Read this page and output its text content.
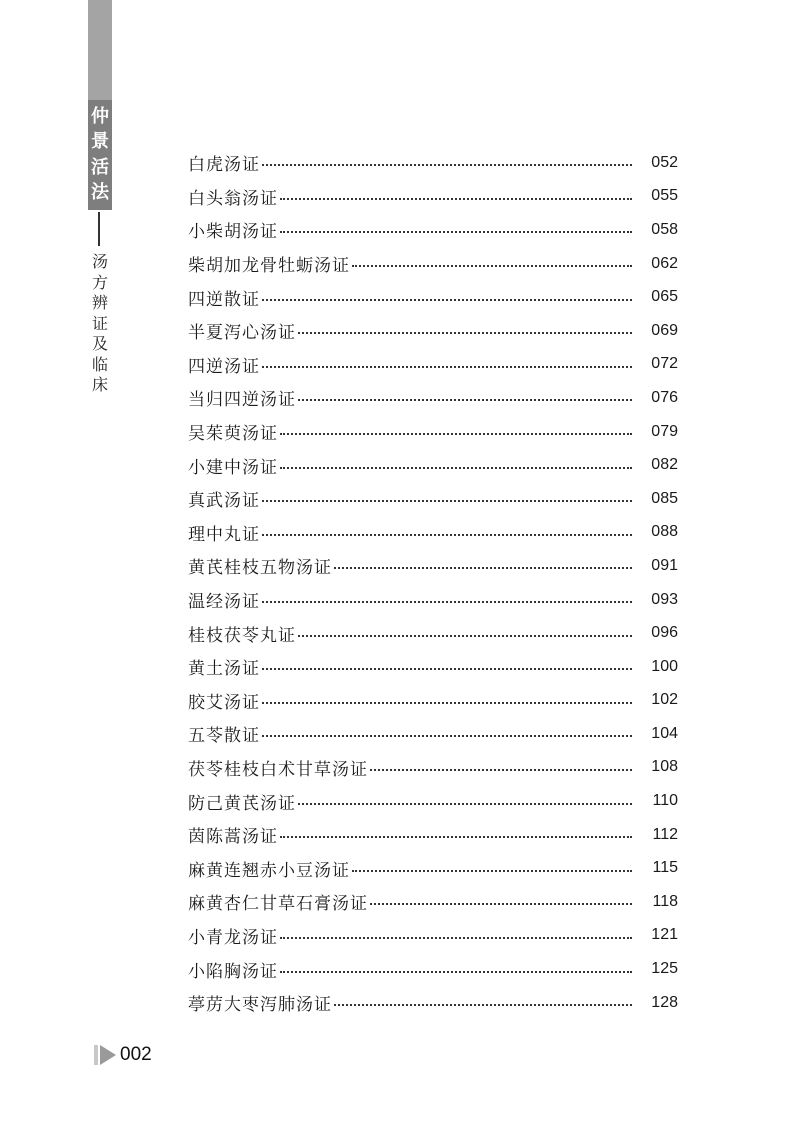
仲
景
活
法
汤
方
辨
证
及
临
床
白虎汤证	052
白头翁汤证	055
小柴胡汤证	058
柴胡加龙骨牡蛎汤证	062
四逆散证	065
半夏泻心汤证	069
四逆汤证	072
当归四逆汤证	076
吴茱萸汤证	079
小建中汤证	082
真武汤证	085
理中丸证	088
黄芪桂枝五物汤证	091
温经汤证	093
桂枝茯苓丸证	096
黄土汤证	100
胶艾汤证	102
五苓散证	104
茯苓桂枝白术甘草汤证	108
防己黄芪汤证	110
茵陈蒿汤证	112
麻黄连翘赤小豆汤证	115
麻黄杏仁甘草石膏汤证	118
小青龙汤证	121
小陷胸汤证	125
葶苈大枣泻肺汤证	128
002
